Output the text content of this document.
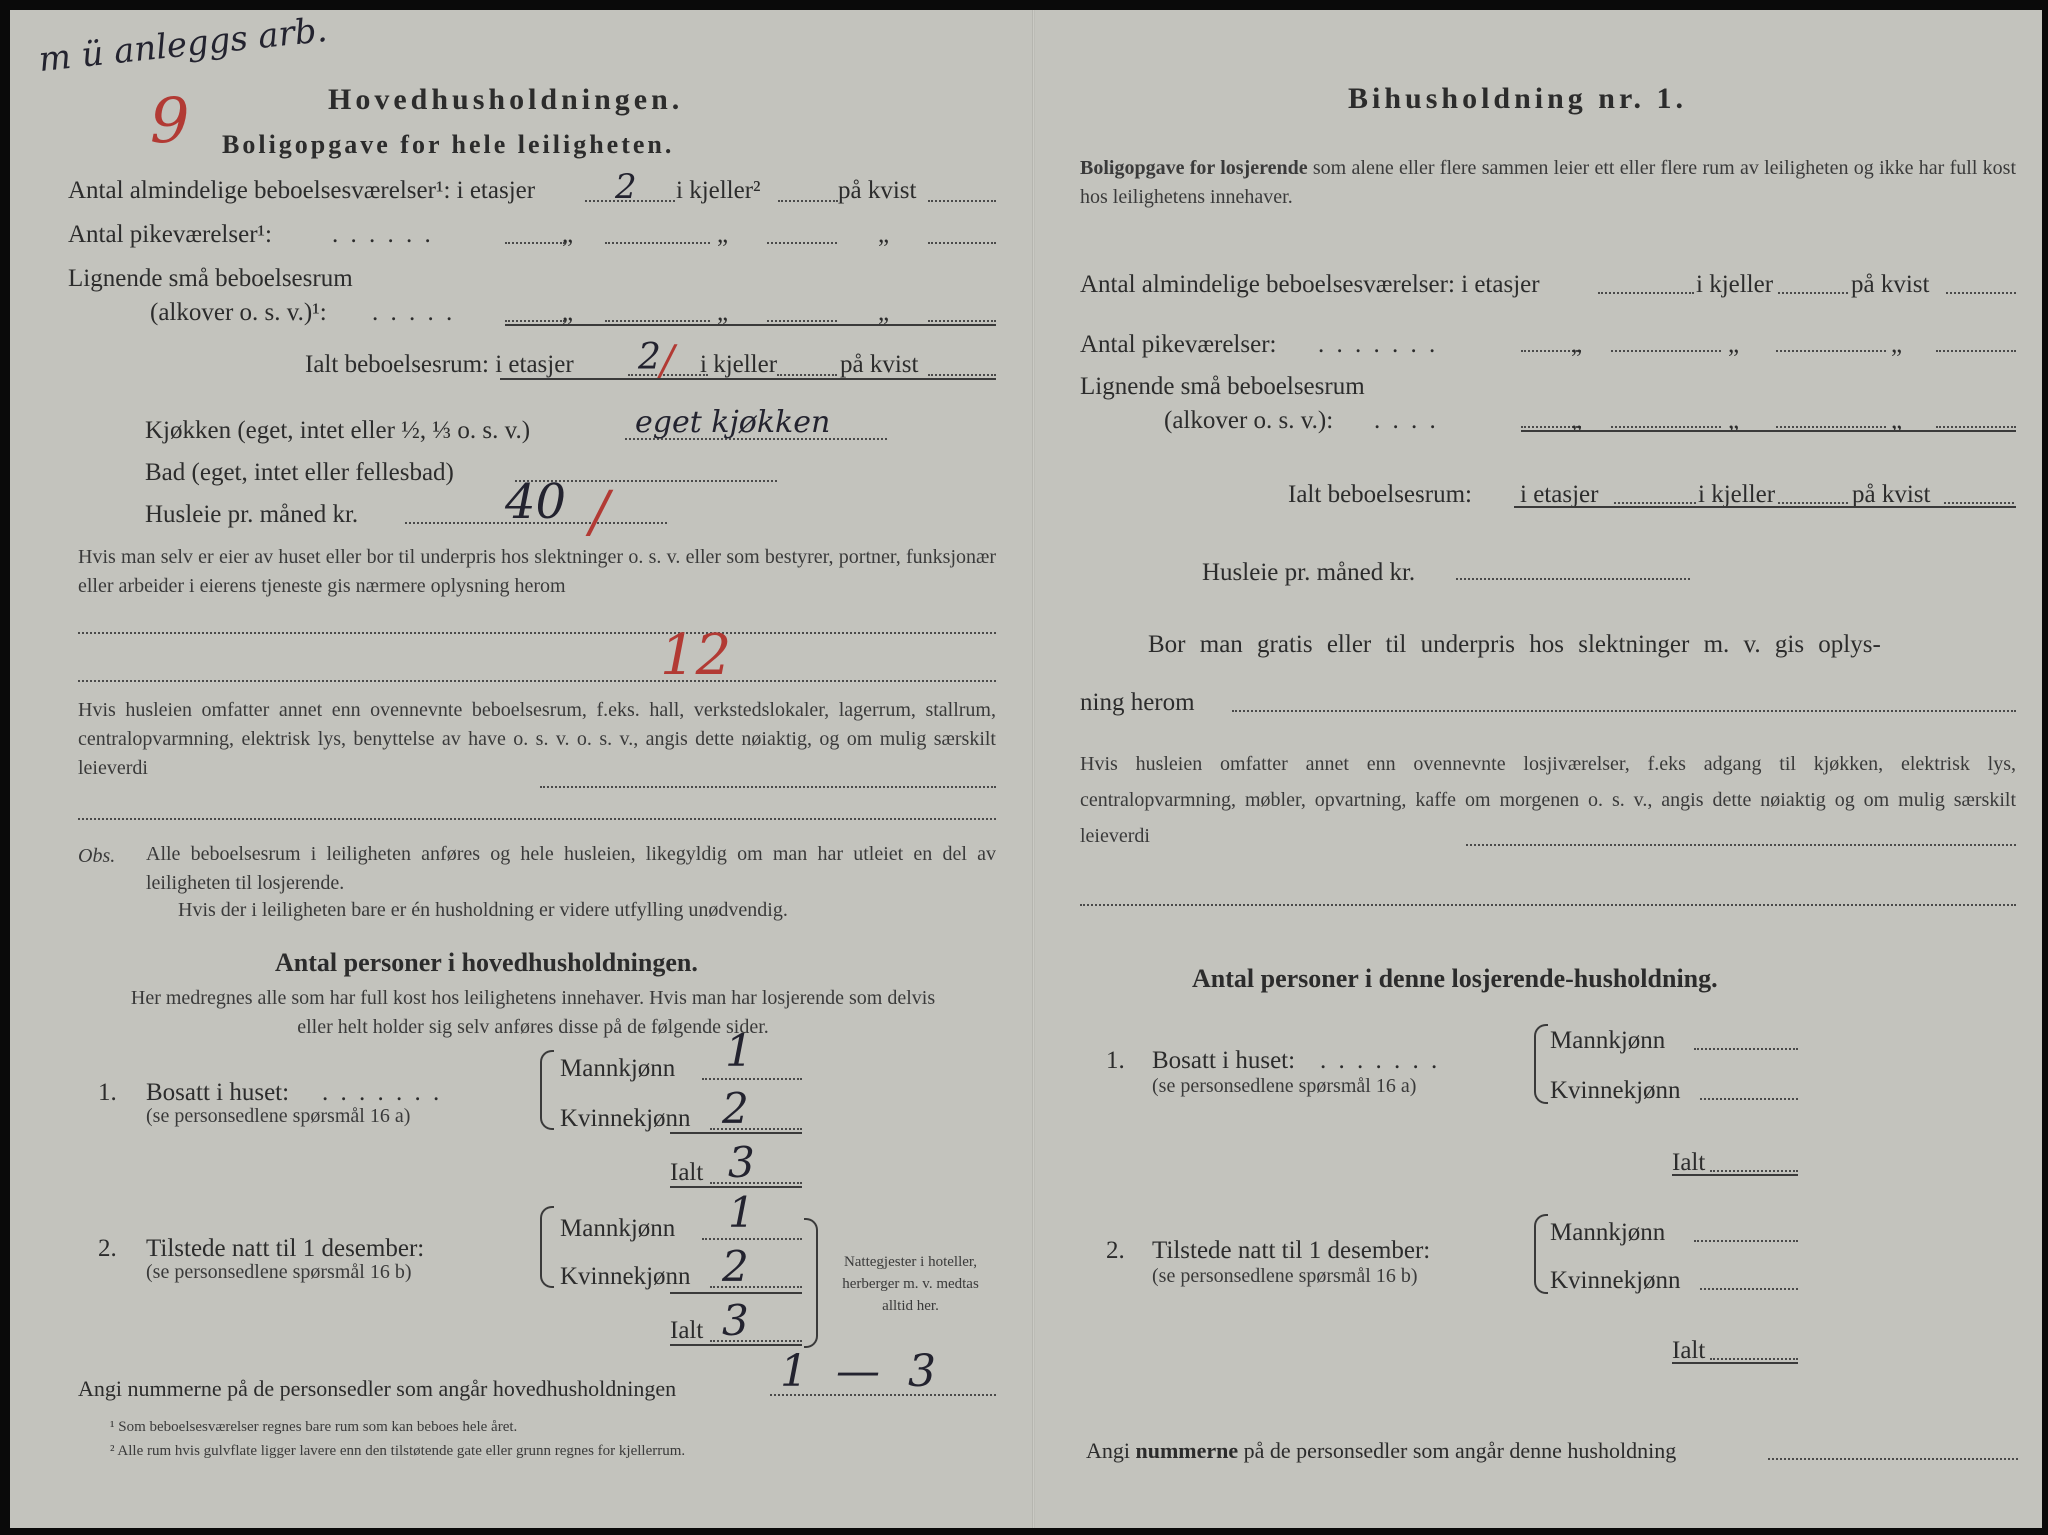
m ü anleggs arb.
9	Hovedhusholdningen.
Boligopgave for hele leiligheten.
Antal almindelige beboelsesværelser¹: i etasjer 2 i kjeller²	på kvist
Antal pikeværelser¹: . . . . . .	„	„	„
Lignende små beboelsesrum
(alkover o. s. v.)¹: . . . . .	„	„	„
Ialt beboelsesrum: i etasjer 2 / i kjeller	på kvist
Kjøkken (eget, intet eller ½, ⅓ o. s. v.)	eget kjøkken
Bad (eget, intet eller fellesbad)
Husleie pr. måned kr.	40 /
Hvis man selv er eier av huset eller bor til underpris hos slektninger o. s. v. eller som bestyrer, portner, funksjonær eller arbeider i eierens tjeneste gis nærmere oplysning herom
12
Hvis husleien omfatter annet enn ovennevnte beboelsesrum, f.eks. hall, verkstedslokaler, lagerrum, stallrum, centralopvarmning, elektrisk lys, benyttelse av have o. s. v. o. s. v., angis dette nøiaktig, og om mulig særskilt leieverdi
Obs. Alle beboelsesrum i leiligheten anføres og hele husleien, likegyldig om man har utleiet en del av leiligheten til losjerende.
Hvis der i leiligheten bare er én husholdning er videre utfylling unødvendig.
Antal personer i hovedhusholdningen.
Her medregnes alle som har full kost hos leilighetens innehaver. Hvis man har losjerende som delvis eller helt holder sig selv anføres disse på de følgende sider.
1. Bosatt i huset: . . . . . . .
(se personsedlene spørsmål 16 a)
Mannkjønn 1
Kvinnekjønn 2
Ialt 3
2. Tilstede natt til 1 desember:
(se personsedlene spørsmål 16 b)
Mannkjønn 1
Kvinnekjønn 2
Ialt 3
Nattegjester i hoteller, herberger m. v. medtas alltid her.
Angi nummerne på de personsedler som angår hovedhusholdningen 1 — 3
¹ Som beboelsesværelser regnes bare rum som kan beboes hele året.
² Alle rum hvis gulvflate ligger lavere enn den tilstøtende gate eller grunn regnes for kjellerrum.
Bihusholdning nr. 1.
Boligopgave for losjerende som alene eller flere sammen leier ett eller flere rum av leiligheten og ikke har full kost hos leilighetens innehaver.
Antal almindelige beboelsesværelser: i etasjer	i kjeller	på kvist
Antal pikeværelser: . . . . . . .	„	„	„
Lignende små beboelsesrum
(alkover o. s. v.): . . . .	„	„	„
Ialt beboelsesrum: i etasjer	i kjeller	på kvist
Husleie pr. måned kr.
Bor man gratis eller til underpris hos slektninger m. v. gis oplys-
ning herom
Hvis husleien omfatter annet enn ovennevnte losjiværelser, f.eks adgang til kjøkken, elektrisk lys, centralopvarmning, møbler, opvartning, kaffe om morgenen o. s. v., angis dette nøiaktig og om mulig særskilt leieverdi
Antal personer i denne losjerende-husholdning.
1. Bosatt i huset: . . . . . . .
(se personsedlene spørsmål 16 a)
Mannkjønn
Kvinnekjønn
Ialt
2. Tilstede natt til 1 desember:
(se personsedlene spørsmål 16 b)
Mannkjønn
Kvinnekjønn
Ialt
Angi nummerne på de personsedler som angår denne husholdning
